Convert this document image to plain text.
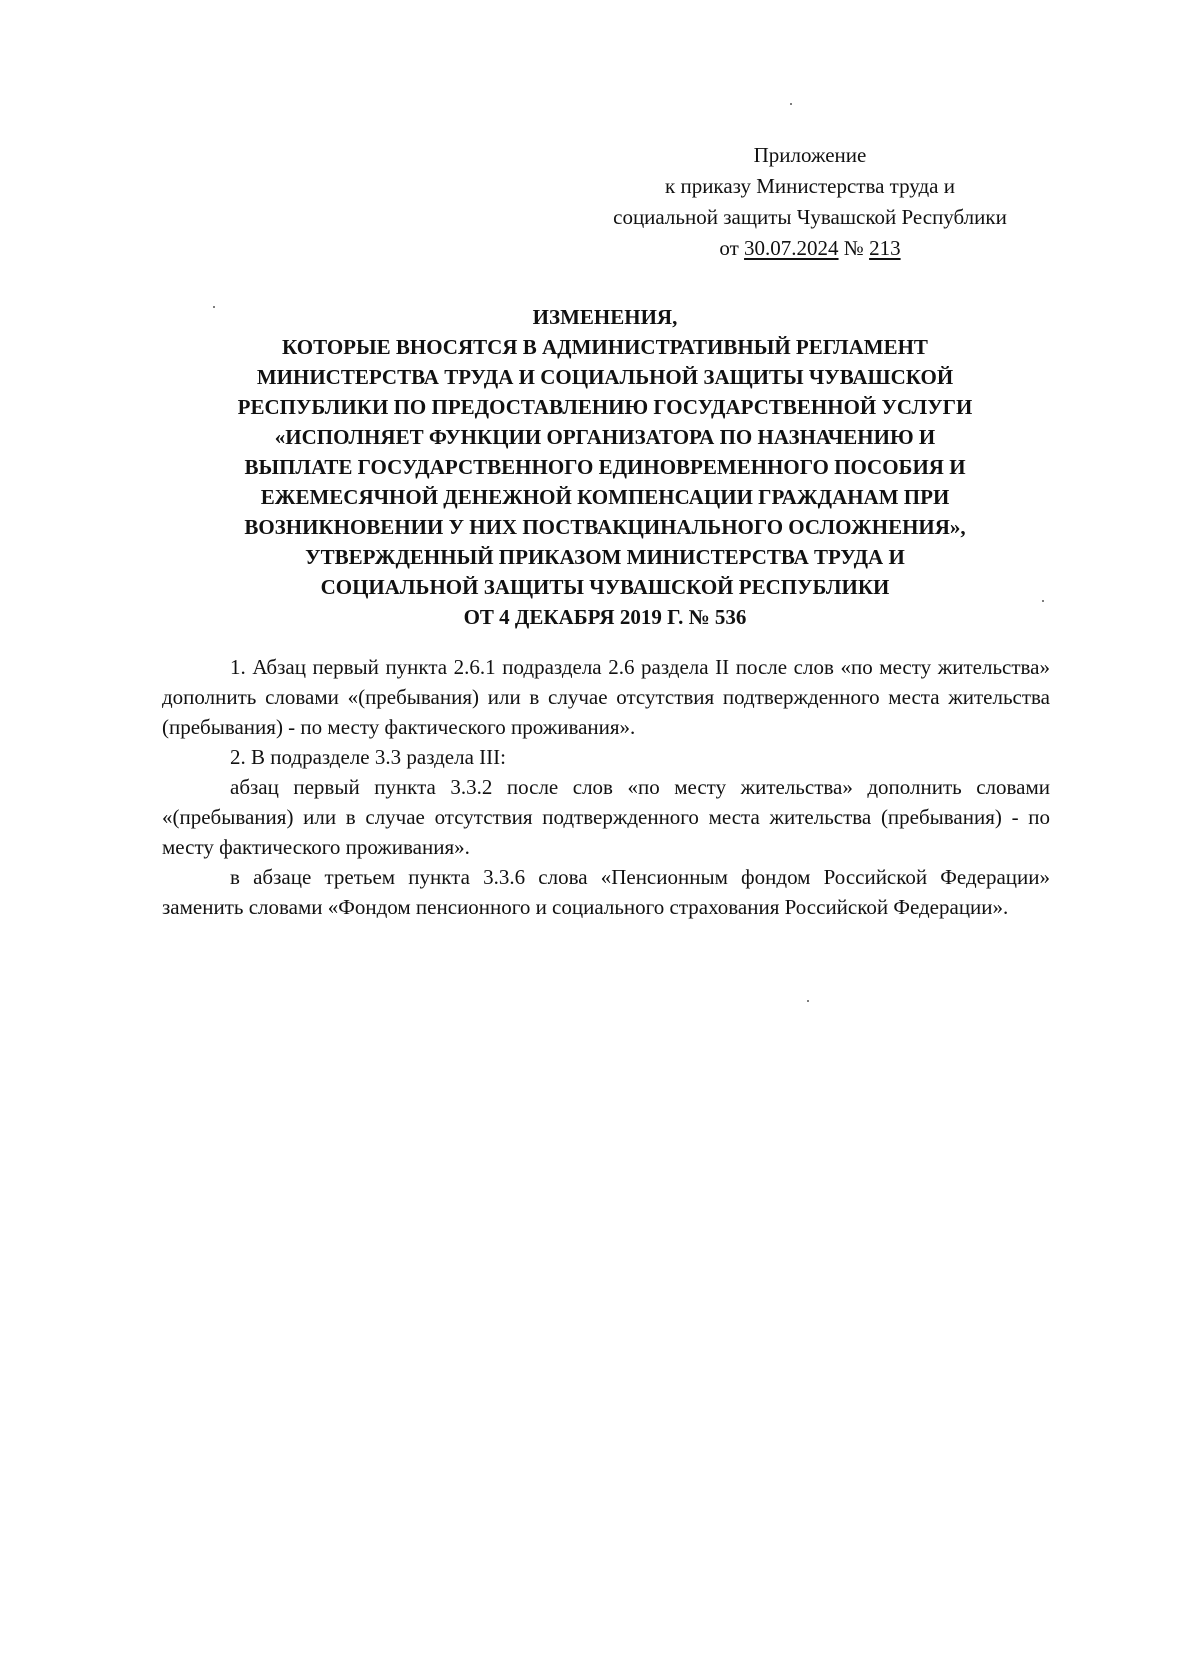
Приложение
к приказу Министерства труда и
социальной защиты Чувашской Республики
от 30.07.2024 № 213
ИЗМЕНЕНИЯ,
КОТОРЫЕ ВНОСЯТСЯ В АДМИНИСТРАТИВНЫЙ РЕГЛАМЕНТ
МИНИСТЕРСТВА ТРУДА И СОЦИАЛЬНОЙ ЗАЩИТЫ ЧУВАШСКОЙ
РЕСПУБЛИКИ ПО ПРЕДОСТАВЛЕНИЮ ГОСУДАРСТВЕННОЙ УСЛУГИ
«ИСПОЛНЯЕТ ФУНКЦИИ ОРГАНИЗАТОРА ПО НАЗНАЧЕНИЮ И
ВЫПЛАТЕ ГОСУДАРСТВЕННОГО ЕДИНОВРЕМЕННОГО ПОСОБИЯ И
ЕЖЕМЕСЯЧНОЙ ДЕНЕЖНОЙ КОМПЕНСАЦИИ ГРАЖДАНАМ ПРИ
ВОЗНИКНОВЕНИИ У НИХ ПОСТВАКЦИНАЛЬНОГО ОСЛОЖНЕНИЯ»,
УТВЕРЖДЕННЫЙ ПРИКАЗОМ МИНИСТЕРСТВА ТРУДА И
СОЦИАЛЬНОЙ ЗАЩИТЫ ЧУВАШСКОЙ РЕСПУБЛИКИ
ОТ 4 ДЕКАБРЯ 2019 Г. № 536

1. Абзац первый пункта 2.6.1 подраздела 2.6 раздела II после слов «по месту жительства» дополнить словами «(пребывания) или в случае отсутствия подтвержденного места жительства (пребывания) - по месту фактического проживания».

2. В подразделе 3.3 раздела III:

абзац первый пункта 3.3.2 после слов «по месту жительства» дополнить словами «(пребывания) или в случае отсутствия подтвержденного места жительства (пребывания) - по месту фактического проживания».

в абзаце третьем пункта 3.3.6 слова «Пенсионным фондом Российской Федерации» заменить словами «Фондом пенсионного и социального страхования Российской Федерации».
